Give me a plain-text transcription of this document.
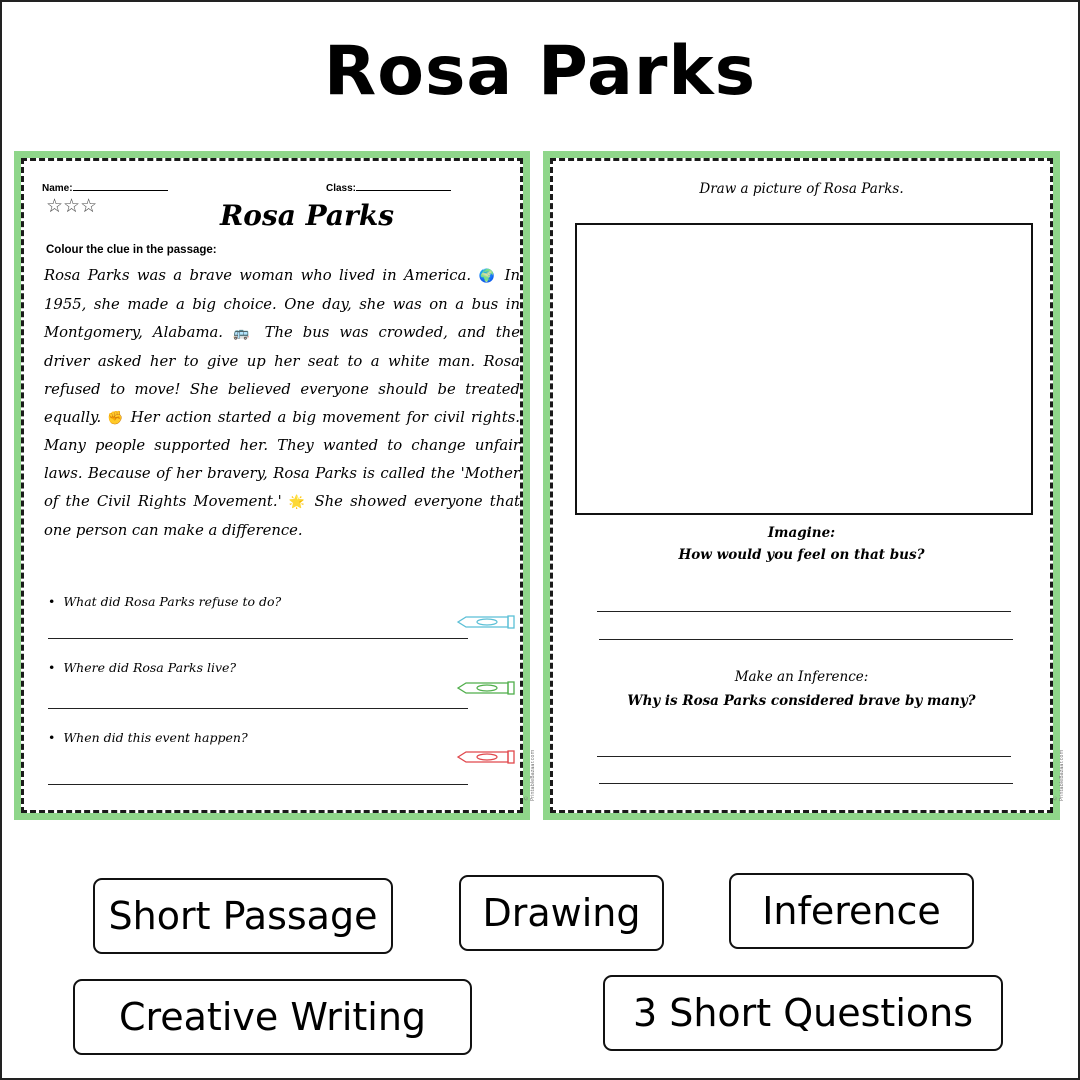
Rosa Parks
Name:	Class:
☆☆☆	Rosa Parks
Colour the clue in the passage:
Rosa Parks was a brave woman who lived in America. 🌍 In 1955, she made a big choice. One day, she was on a bus in Montgomery, Alabama. 🚌 The bus was crowded, and the driver asked her to give up her seat to a white man. Rosa refused to move! She believed everyone should be treated equally. ✊ Her action started a big movement for civil rights. Many people supported her. They wanted to change unfair laws. Because of her bravery, Rosa Parks is called the 'Mother of the Civil Rights Movement.' 🌟 She showed everyone that one person can make a difference.
•  What did Rosa Parks refuse to do?
•  Where did Rosa Parks live?
•  When did this event happen?
© PrintableBazaar.com
Draw a picture of Rosa Parks.
Imagine:
How would you feel on that bus?
Make an Inference:
Why is Rosa Parks considered brave by many?
© PrintableBazaar.com
Short Passage	Drawing	Inference
Creative Writing	3 Short Questions
